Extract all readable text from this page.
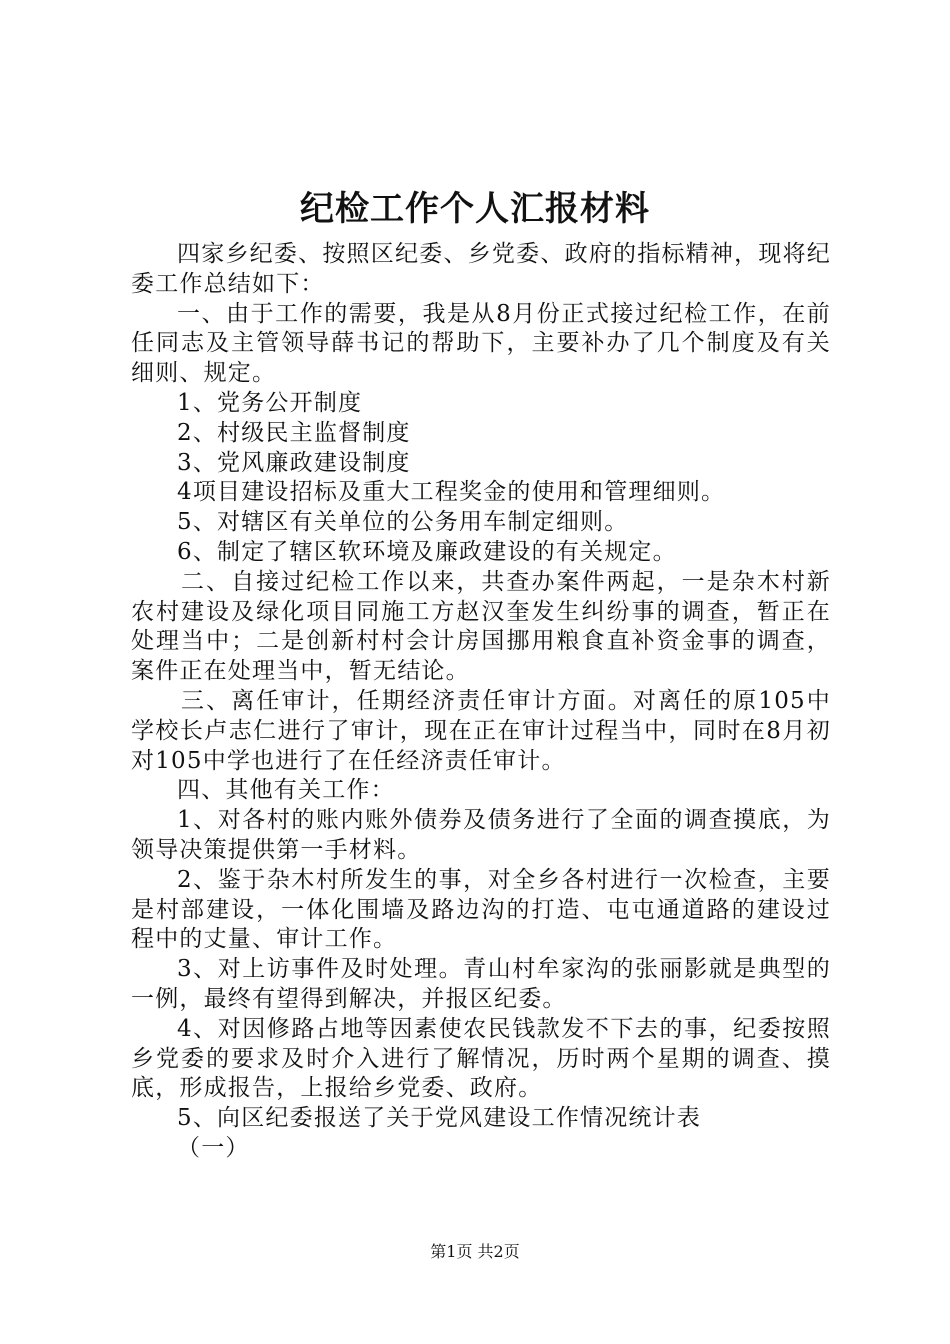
纪检工作个人汇报材料

四家乡纪委、按照区纪委、乡党委、政府的指标精神，现将纪委工作总结如下：

一、由于工作的需要，我是从8月份正式接过纪检工作，在前任同志及主管领导薛书记的帮助下，主要补办了几个制度及有关细则、规定。

1、党务公开制度

2、村级民主监督制度

3、党风廉政建设制度

4项目建设招标及重大工程奖金的使用和管理细则。

5、对辖区有关单位的公务用车制定细则。

6、制定了辖区软环境及廉政建设的有关规定。

二、自接过纪检工作以来，共查办案件两起，一是杂木村新农村建设及绿化项目同施工方赵汉奎发生纠纷事的调查，暂正在处理当中；二是创新村村会计房国挪用粮食直补资金事的调查，案件正在处理当中，暂无结论。

三、离任审计，任期经济责任审计方面。对离任的原105中学校长卢志仁进行了审计，现在正在审计过程当中，同时在8月初对105中学也进行了在任经济责任审计。

四、其他有关工作：

1、对各村的账内账外债券及债务进行了全面的调查摸底，为领导决策提供第一手材料。

2、鉴于杂木村所发生的事，对全乡各村进行一次检查，主要是村部建设，一体化围墙及路边沟的打造、屯屯通道路的建设过程中的丈量、审计工作。

3、对上访事件及时处理。青山村牟家沟的张丽影就是典型的一例，最终有望得到解决，并报区纪委。

4、对因修路占地等因素使农民钱款发不下去的事，纪委按照乡党委的要求及时介入进行了解情况，历时两个星期的调查、摸底，形成报告，上报给乡党委、政府。

5、向区纪委报送了关于党风建设工作情况统计表

（一）

第1页 共2页
